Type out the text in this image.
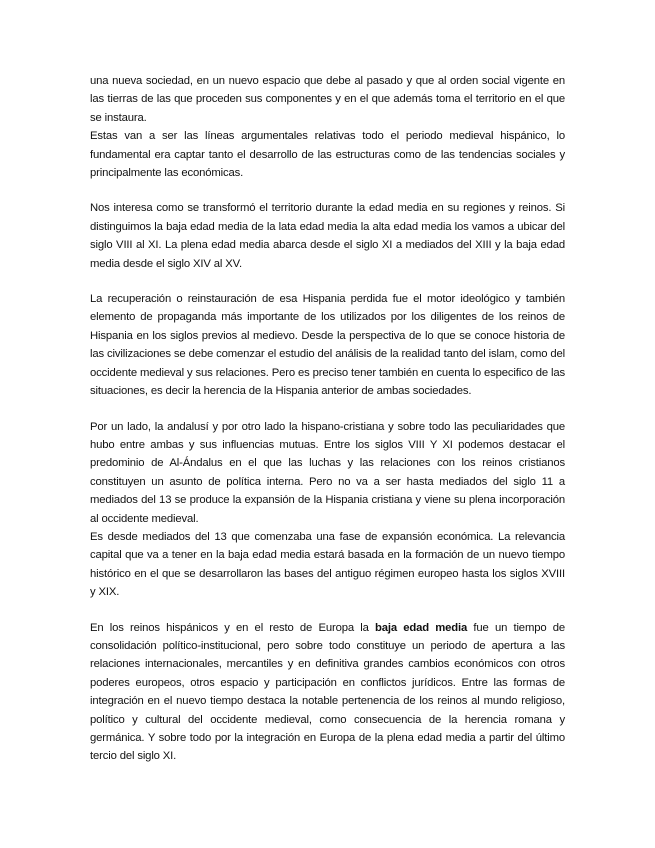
una nueva sociedad, en un nuevo espacio que debe al pasado y que al orden social vigente en las tierras de las que proceden sus componentes y en el que además toma el territorio en el que se instaura.

Estas van a ser las líneas argumentales relativas todo el periodo medieval hispánico, lo fundamental era captar tanto el desarrollo de las estructuras como de las tendencias sociales y principalmente las económicas.

Nos interesa como se transformó el territorio durante la edad media en su regiones y reinos. Si distinguimos la baja edad media de la lata edad media la alta edad media los vamos a ubicar del siglo VIII al XI. La plena edad media abarca desde el siglo XI a mediados del XIII y la baja edad media desde el siglo XIV al XV.

La recuperación o reinstauración de esa Hispania perdida fue el motor ideológico y también elemento de propaganda más importante de los utilizados por los diligentes de los reinos de Hispania en los siglos previos al medievo. Desde la perspectiva de lo que se conoce historia de las civilizaciones se debe comenzar el estudio del análisis de la realidad tanto del islam, como del occidente medieval y sus relaciones. Pero es preciso tener también en cuenta lo especifico de las situaciones, es decir la herencia de la Hispania anterior de ambas sociedades.

Por un lado, la andalusí y por otro lado la hispano-cristiana y sobre todo las peculiaridades que hubo entre ambas y sus influencias mutuas. Entre los siglos VIII Y XI podemos destacar el predominio de Al-Ándalus en el que las luchas y las relaciones con los reinos cristianos constituyen un asunto de política interna. Pero no va a ser hasta mediados del siglo 11 a mediados del 13 se produce la expansión de la Hispania cristiana y viene su plena incorporación al occidente medieval.

Es desde mediados del 13 que comenzaba una fase de expansión económica. La relevancia capital que va a tener en la baja edad media estará basada en la formación de un nuevo tiempo histórico en el que se desarrollaron las bases del antiguo régimen europeo hasta los siglos XVIII y XIX.

En los reinos hispánicos y en el resto de Europa la baja edad media fue un tiempo de consolidación político-institucional, pero sobre todo constituye un periodo de apertura a las relaciones internacionales, mercantiles y en definitiva grandes cambios económicos con otros poderes europeos, otros espacio y participación en conflictos jurídicos. Entre las formas de integración en el nuevo tiempo destaca la notable pertenencia de los reinos al mundo religioso, político y cultural del occidente medieval, como consecuencia de la herencia romana y germánica. Y sobre todo por la integración en Europa de la plena edad media a partir del último tercio del siglo XI.
